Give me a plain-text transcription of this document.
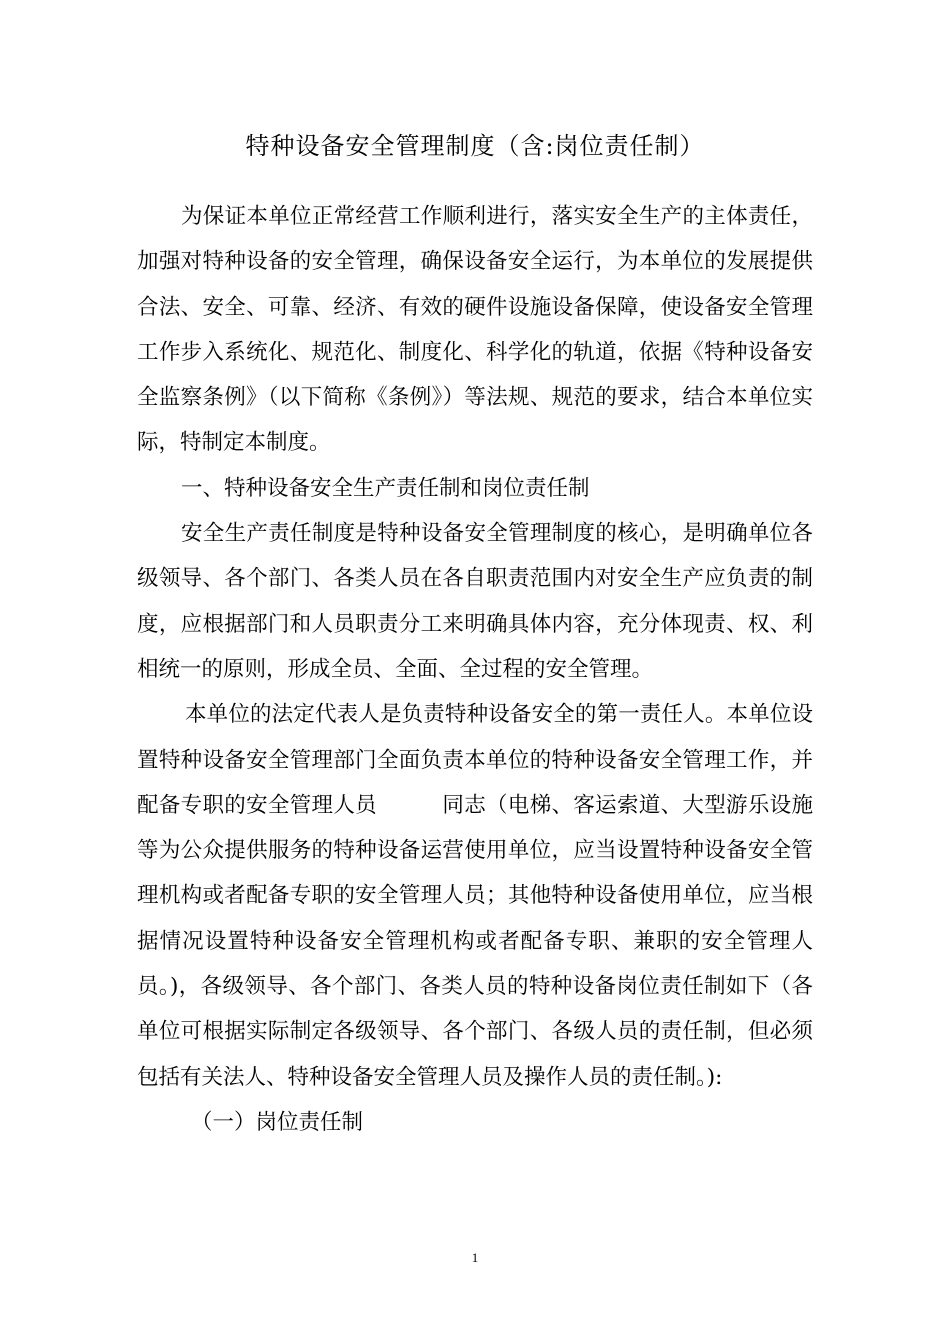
特种设备安全管理制度（含:岗位责任制）

为保证本单位正常经营工作顺利进行，落实安全生产的主体责任，加强对特种设备的安全管理，确保设备安全运行，为本单位的发展提供合法、安全、可靠、经济、有效的硬件设施设备保障，使设备安全管理工作步入系统化、规范化、制度化、科学化的轨道，依据《特种设备安全监察条例》（以下简称《条例》）等法规、规范的要求，结合本单位实际，特制定本制度。

一、特种设备安全生产责任制和岗位责任制

安全生产责任制度是特种设备安全管理制度的核心，是明确单位各级领导、各个部门、各类人员在各自职责范围内对安全生产应负责的制度，应根据部门和人员职责分工来明确具体内容，充分体现责、权、利相统一的原则，形成全员、全面、全过程的安全管理。

本单位的法定代表人是负责特种设备安全的第一责任人。本单位设置特种设备安全管理部门全面负责本单位的特种设备安全管理工作，并配备专职的安全管理人员　　　同志（电梯、客运索道、大型游乐设施等为公众提供服务的特种设备运营使用单位，应当设置特种设备安全管理机构或者配备专职的安全管理人员；其他特种设备使用单位，应当根据情况设置特种设备安全管理机构或者配备专职、兼职的安全管理人员。)，各级领导、各个部门、各类人员的特种设备岗位责任制如下（各单位可根据实际制定各级领导、各个部门、各级人员的责任制，但必须包括有关法人、特种设备安全管理人员及操作人员的责任制。):

（一）岗位责任制

1
